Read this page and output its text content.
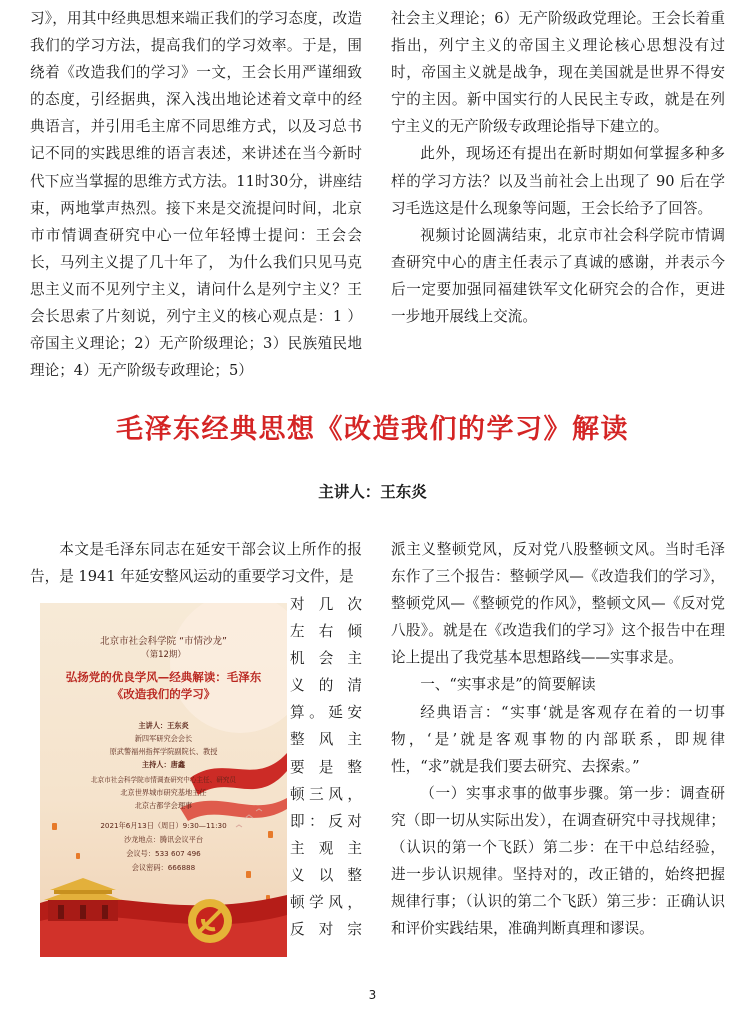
习》，用其中经典思想来端正我们的学习态度，改造我们的学习方法，提高我们的学习效率。于是，围绕着《改造我们的学习》一文，王会长用严谨细致的态度，引经据典，深入浅出地论述着文章中的经典语言，并引用毛主席不同思维方式，以及习总书记不同的实践思维的语言表述，来讲述在当今新时代下应当掌握的思维方式方法。11时30分，讲座结束，两地掌声热烈。接下来是交流提问时间，北京市市情调查研究中心一位年轻博士提问：王会会长，马列主义提了几十年了， 为什么我们只见马克思主义而不见列宁主义，请问什么是列宁主义？王会长思索了片刻说，列宁主义的核心观点是：1 ）帝国主义理论；2）无产阶级理论；3）民族殖民地理论；4）无产阶级专政理论；5）

社会主义理论；6）无产阶级政党理论。王会长着重指出，列宁主义的帝国主义理论核心思想没有过时，帝国主义就是战争，现在美国就是世界不得安宁的主因。新中国实行的人民民主专政，就是在列宁主义的无产阶级专政理论指导下建立的。
此外，现场还有提出在新时期如何掌握多种多样的学习方法？以及当前社会上出现了 90 后在学习毛选这是什么现象等问题，王会长给予了回答。
视频讨论圆满结束，北京市社会科学院市情调查研究中心的唐主任表示了真诚的感谢，并表示今后一定要加强同福建铁军文化研究会的合作，更进一步地开展线上交流。
毛泽东经典思想《改造我们的学习》解读

主讲人：王东炎

本文是毛泽东同志在延安干部会议上所作的报告，是 1941 年延安整风运动的重要学习文件，是

对几次
左右倾
机会主
义的清
算。延安
整风主
要是整
顿三风，
即：反对
主观主
义以整
顿学风，
反对宗

北京市社会科学院 “市情沙龙”

（第12期）

弘扬党的优良学风—经典解读：毛泽东

《改造我们的学习》

主讲人：王东炎

新四军研究会会长

原武警福州指挥学院副院长、教授

主持人：唐鑫

北京市社会科学院市情调查研究中心主任、研究员

北京世界城市研究基地主任

北京古都学会理事

2021年6月13日（周日）9:30—11:30

沙龙地点：腾讯会议平台

会议号：533 607 496

会议密码：666888

派主义整顿党风，反对党八股整顿文风。当时毛泽东作了三个报告：整顿学风—《改造我们的学习》，整顿党风—《整顿党的作风》，整顿文风—《反对党八股》。就是在《改造我们的学习》这个报告中在理论上提出了我党基本思想路线——实事求是。
一、“实事求是”的简要解读
经典语言：“实事‘就是客观存在着的一切事物，‘是’就是客观事物的内部联系，即规律性，“求”就是我们要去研究、去探索。”
（一）实事求事的做事步骤。第一步：调查研究（即一切从实际出发），在调查研究中寻找规律；（认识的第一个飞跃）第二步：在干中总结经验，进一步认识规律。坚持对的，改正错的，始终把握规律行事；（认识的第二个飞跃）第三步：正确认识和评价实践结果，准确判断真理和谬误。

3
